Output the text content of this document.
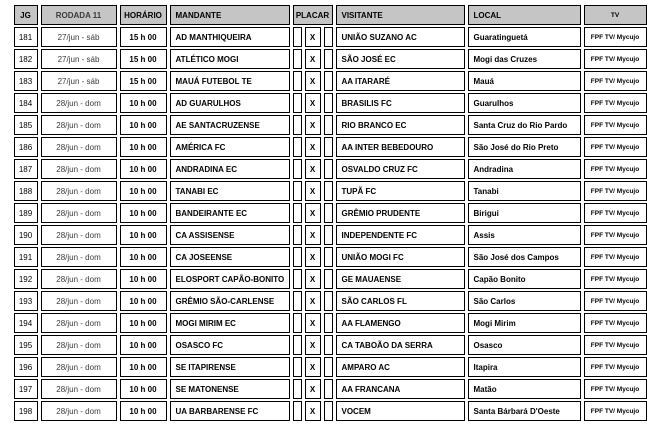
JG	RODADA 11	HORÁRIO	MANDANTE	PLACAR			VISITANTE	LOCAL	TV
181	27/jun - sáb	15 h 00	AD MANTHIQUEIRA		X		UNIÃO SUZANO AC	Guaratinguetá	FPF TV/ Mycujo
182	27/jun - sáb	15 h 00	ATLÉTICO MOGI		X		SÃO JOSÉ EC	Mogi das Cruzes	FPF TV/ Mycujo
183	27/jun - sáb	15 h 00	MAUÁ FUTEBOL TE		X		AA ITARARÉ	Mauá	FPF TV/ Mycujo
184	28/jun - dom	10 h 00	AD GUARULHOS		X		BRASILIS FC	Guarulhos	FPF TV/ Mycujo
185	28/jun - dom	10 h 00	AE SANTACRUZENSE		X		RIO BRANCO EC	Santa Cruz do Rio Pardo	FPF TV/ Mycujo
186	28/jun - dom	10 h 00	AMÉRICA FC		X		AA INTER BEBEDOURO	São José do Rio Preto	FPF TV/ Mycujo
187	28/jun - dom	10 h 00	ANDRADINA EC		X		OSVALDO CRUZ FC	Andradina	FPF TV/ Mycujo
188	28/jun - dom	10 h 00	TANABI EC		X		TUPÃ FC	Tanabi	FPF TV/ Mycujo
189	28/jun - dom	10 h 00	BANDEIRANTE EC		X		GRÊMIO PRUDENTE	Birigui	FPF TV/ Mycujo
190	28/jun - dom	10 h 00	CA ASSISENSE		X		INDEPENDENTE FC	Assis	FPF TV/ Mycujo
191	28/jun - dom	10 h 00	CA JOSEENSE		X		UNIÃO MOGI FC	São José dos Campos	FPF TV/ Mycujo
192	28/jun - dom	10 h 00	ELOSPORT CAPÃO-BONITO		X		GE MAUAENSE	Capão Bonito	FPF TV/ Mycujo
193	28/jun - dom	10 h 00	GRÊMIO SÃO-CARLENSE		X		SÃO CARLOS FL	São Carlos	FPF TV/ Mycujo
194	28/jun - dom	10 h 00	MOGI MIRIM EC		X		AA FLAMENGO	Mogi Mirim	FPF TV/ Mycujo
195	28/jun - dom	10 h 00	OSASCO FC		X		CA TABOÃO DA SERRA	Osasco	FPF TV/ Mycujo
196	28/jun - dom	10 h 00	SE ITAPIRENSE		X		AMPARO AC	Itapira	FPF TV/ Mycujo
197	28/jun - dom	10 h 00	SE MATONENSE		X		AA FRANCANA	Matão	FPF TV/ Mycujo
198	28/jun - dom	10 h 00	UA BARBARENSE FC		X		VOCEM	Santa Bárbará D'Oeste	FPF TV/ Mycujo
